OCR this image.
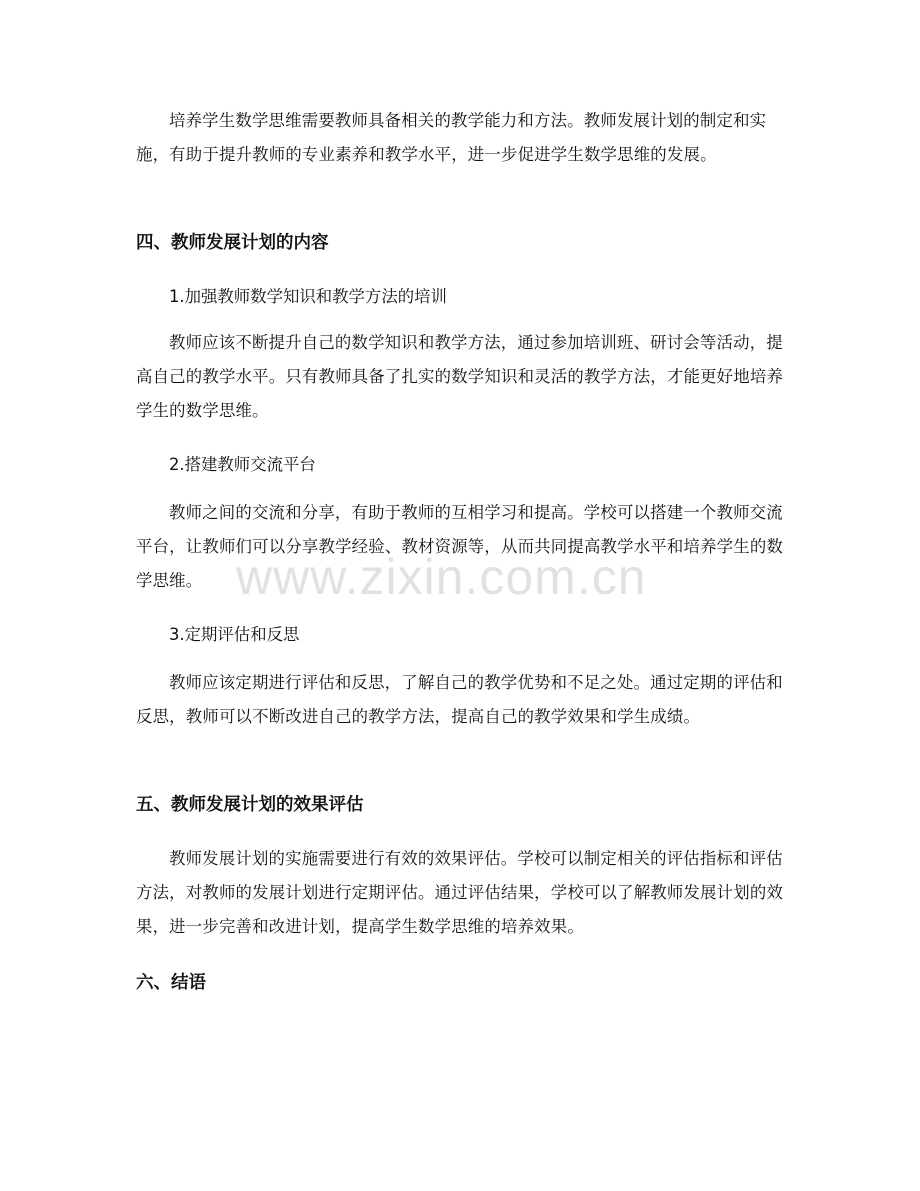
培养学生数学思维需要教师具备相关的教学能力和方法。教师发展计划的制定和实施，有助于提升教师的专业素养和教学水平，进一步促进学生数学思维的发展。

四、教师发展计划的内容

1.加强教师数学知识和教学方法的培训

教师应该不断提升自己的数学知识和教学方法，通过参加培训班、研讨会等活动，提高自己的教学水平。只有教师具备了扎实的数学知识和灵活的教学方法，才能更好地培养学生的数学思维。

2.搭建教师交流平台

教师之间的交流和分享，有助于教师的互相学习和提高。学校可以搭建一个教师交流平台，让教师们可以分享教学经验、教材资源等，从而共同提高教学水平和培养学生的数学思维。

3.定期评估和反思

教师应该定期进行评估和反思，了解自己的教学优势和不足之处。通过定期的评估和反思，教师可以不断改进自己的教学方法，提高自己的教学效果和学生成绩。

五、教师发展计划的效果评估

教师发展计划的实施需要进行有效的效果评估。学校可以制定相关的评估指标和评估方法，对教师的发展计划进行定期评估。通过评估结果，学校可以了解教师发展计划的效果，进一步完善和改进计划，提高学生数学思维的培养效果。

六、结语

www.zixin.com.cn
